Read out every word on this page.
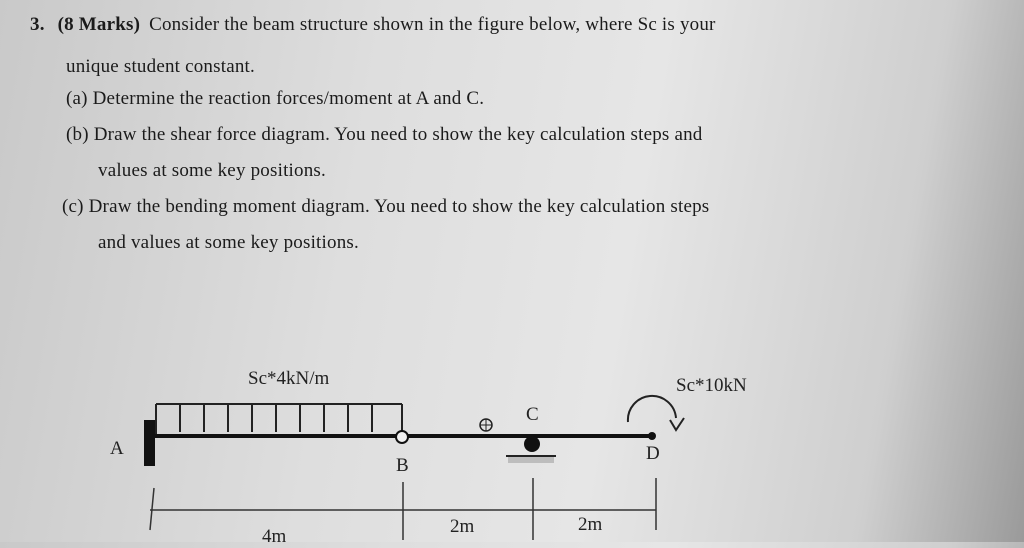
3. (8 Marks) Consider the beam structure shown in the figure below, where Sc is your
unique student constant.
(a) Determine the reaction forces/moment at A and C.
(b) Draw the shear force diagram. You need to show the key calculation steps and
values at some key positions.
(c) Draw the bending moment diagram. You need to show the key calculation steps
and values at some key positions.
Sc*4kN/m	Sc*10kN
A
B
C
D
4m	2m	2m
